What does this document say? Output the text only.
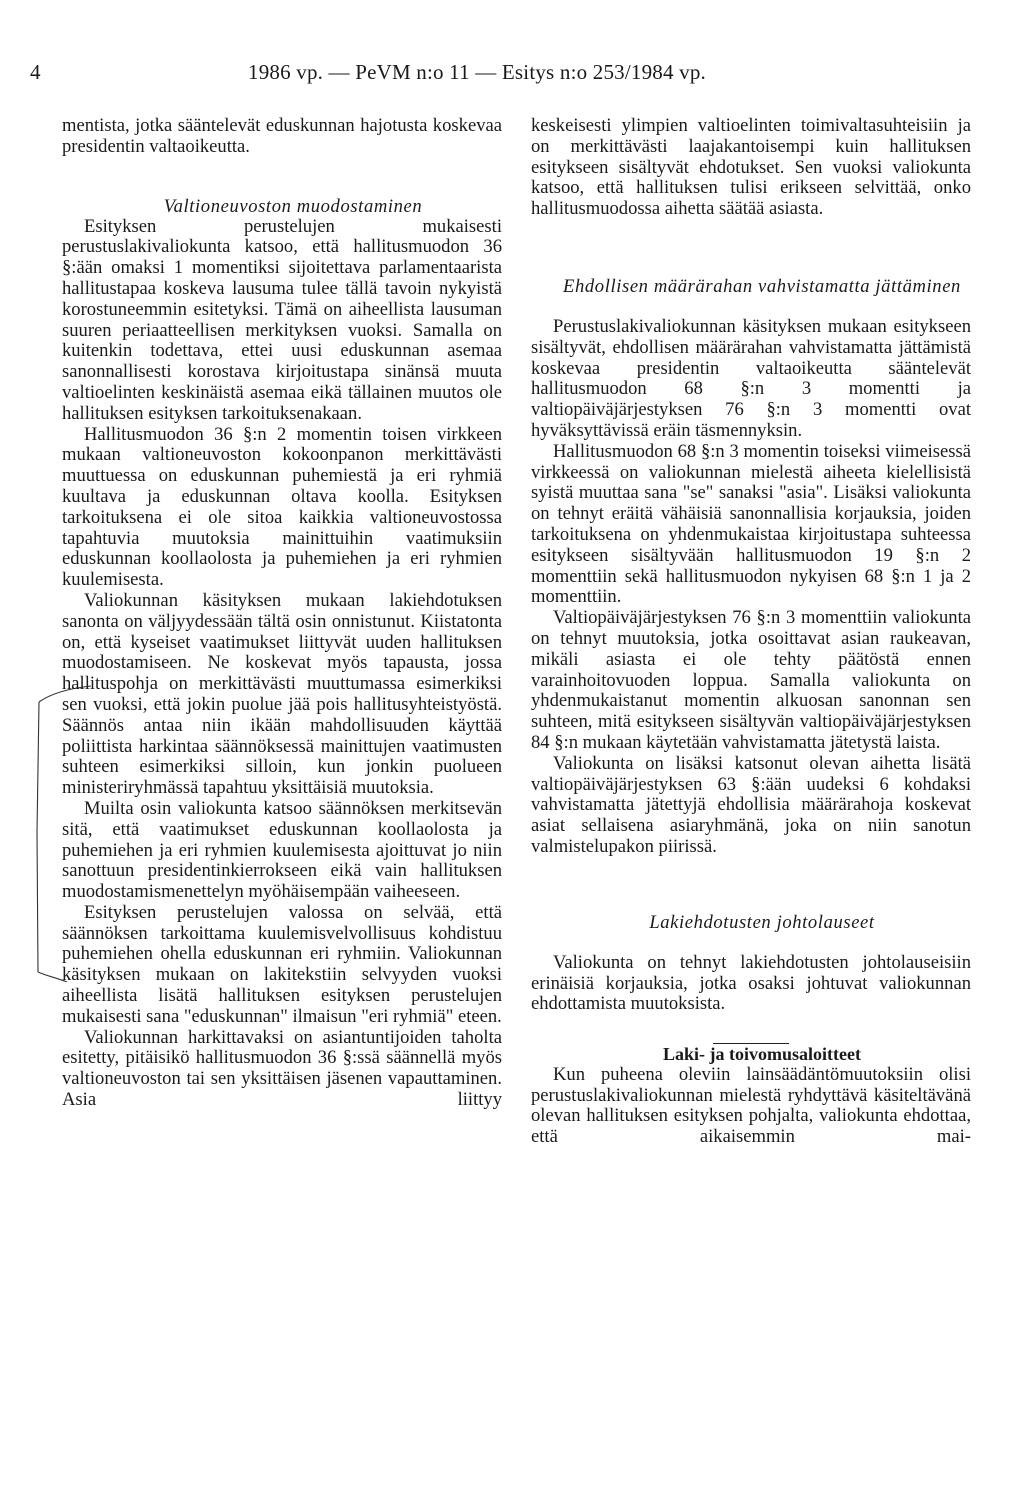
4	1986 vp. — PeVM n:o 11 — Esitys n:o 253/1984 vp.

mentista, jotka sääntelevät eduskunnan hajotusta koskevaa presidentin valtaoikeutta.

Valtioneuvoston muodostaminen

Esityksen perustelujen mukaisesti perustuslakivaliokunta katsoo, että hallitusmuodon 36 §:ään omaksi 1 momentiksi sijoitettava parlamentaarista hallitustapaa koskeva lausuma tulee tällä tavoin nykyistä korostuneemmin esitetyksi. Tämä on aiheellista lausuman suuren periaatteellisen merkityksen vuoksi. Samalla on kuitenkin todettava, ettei uusi eduskunnan asemaa sanonnallisesti korostava kirjoitustapa sinänsä muuta valtioelinten keskinäistä asemaa eikä tällainen muutos ole hallituksen esityksen tarkoituksenakaan.

Hallitusmuodon 36 §:n 2 momentin toisen virkkeen mukaan valtioneuvoston kokoonpanon merkittävästi muuttuessa on eduskunnan puhemiestä ja eri ryhmiä kuultava ja eduskunnan oltava koolla. Esityksen tarkoituksena ei ole sitoa kaikkia valtioneuvostossa tapahtuvia muutoksia mainittuihin vaatimuksiin eduskunnan koollaolosta ja puhemiehen ja eri ryhmien kuulemisesta.

Valiokunnan käsityksen mukaan lakiehdotuksen sanonta on väljyydessään tältä osin onnistunut. Kiistatonta on, että kyseiset vaatimukset liittyvät uuden hallituksen muodostamiseen. Ne koskevat myös tapausta, jossa hallituspohja on merkittävästi muuttumassa esimerkiksi sen vuoksi, että jokin puolue jää pois hallitusyhteistyöstä. Säännös antaa niin ikään mahdollisuuden käyttää poliittista harkintaa säännöksessä mainittujen vaatimusten suhteen esimerkiksi silloin, kun jonkin puolueen ministeriryhmässä tapahtuu yksittäisiä muutoksia.

Muilta osin valiokunta katsoo säännöksen merkitsevän sitä, että vaatimukset eduskunnan koollaolosta ja puhemiehen ja eri ryhmien kuulemisesta ajoittuvat jo niin sanottuun presidentinkierrokseen eikä vain hallituksen muodostamismenettelyn myöhäisempään vaiheeseen.

Esityksen perustelujen valossa on selvää, että säännöksen tarkoittama kuulemisvelvollisuus kohdistuu puhemiehen ohella eduskunnan eri ryhmiin. Valiokunnan käsityksen mukaan on lakitekstiin selvyyden vuoksi aiheellista lisätä hallituksen esityksen perustelujen mukaisesti sana "eduskunnan" ilmaisun "eri ryhmiä" eteen.

Valiokunnan harkittavaksi on asiantuntijoiden taholta esitetty, pitäisikö hallitusmuodon 36 §:ssä säännellä myös valtioneuvoston tai sen yksittäisen jäsenen vapauttaminen. Asia liittyy

keskeisesti ylimpien valtioelinten toimivaltasuhteisiin ja on merkittävästi laajakantoisempi kuin hallituksen esitykseen sisältyvät ehdotukset. Sen vuoksi valiokunta katsoo, että hallituksen tulisi erikseen selvittää, onko hallitusmuodossa aihetta säätää asiasta.

Ehdollisen määrärahan vahvistamatta jättäminen

Perustuslakivaliokunnan käsityksen mukaan esitykseen sisältyvät, ehdollisen määrärahan vahvistamatta jättämistä koskevaa presidentin valtaoikeutta sääntelevät hallitusmuodon 68 §:n 3 momentti ja valtiopäiväjärjestyksen 76 §:n 3 momentti ovat hyväksyttävissä eräin täsmennyksin.

Hallitusmuodon 68 §:n 3 momentin toiseksi viimeisessä virkkeessä on valiokunnan mielestä aiheeta kielellisistä syistä muuttaa sana "se" sanaksi "asia". Lisäksi valiokunta on tehnyt eräitä vähäisiä sanonnallisia korjauksia, joiden tarkoituksena on yhdenmukaistaa kirjoitustapa suhteessa esitykseen sisältyvään hallitusmuodon 19 §:n 2 momenttiin sekä hallitusmuodon nykyisen 68 §:n 1 ja 2 momenttiin.

Valtiopäiväjärjestyksen 76 §:n 3 momenttiin valiokunta on tehnyt muutoksia, jotka osoittavat asian raukeavan, mikäli asiasta ei ole tehty päätöstä ennen varainhoitovuoden loppua. Samalla valiokunta on yhdenmukaistanut momentin alkuosan sanonnan sen suhteen, mitä esitykseen sisältyvän valtiopäiväjärjestyksen 84 §:n mukaan käytetään vahvistamatta jätetystä laista.

Valiokunta on lisäksi katsonut olevan aihetta lisätä valtiopäiväjärjestyksen 63 §:ään uudeksi 6 kohdaksi vahvistamatta jätettyjä ehdollisia määrärahoja koskevat asiat sellaisena asiaryhmänä, joka on niin sanotun valmistelupakon piirissä.

Lakiehdotusten johtolauseet

Valiokunta on tehnyt lakiehdotusten johtolauseisiin erinäisiä korjauksia, jotka osaksi johtuvat valiokunnan ehdottamista muutoksista.

Laki- ja toivomusaloitteet

Kun puheena oleviin lainsäädäntömuutoksiin olisi perustuslakivaliokunnan mielestä ryhdyttävä käsiteltävänä olevan hallituksen esityksen pohjalta, valiokunta ehdottaa, että aikaisemmin mai-
